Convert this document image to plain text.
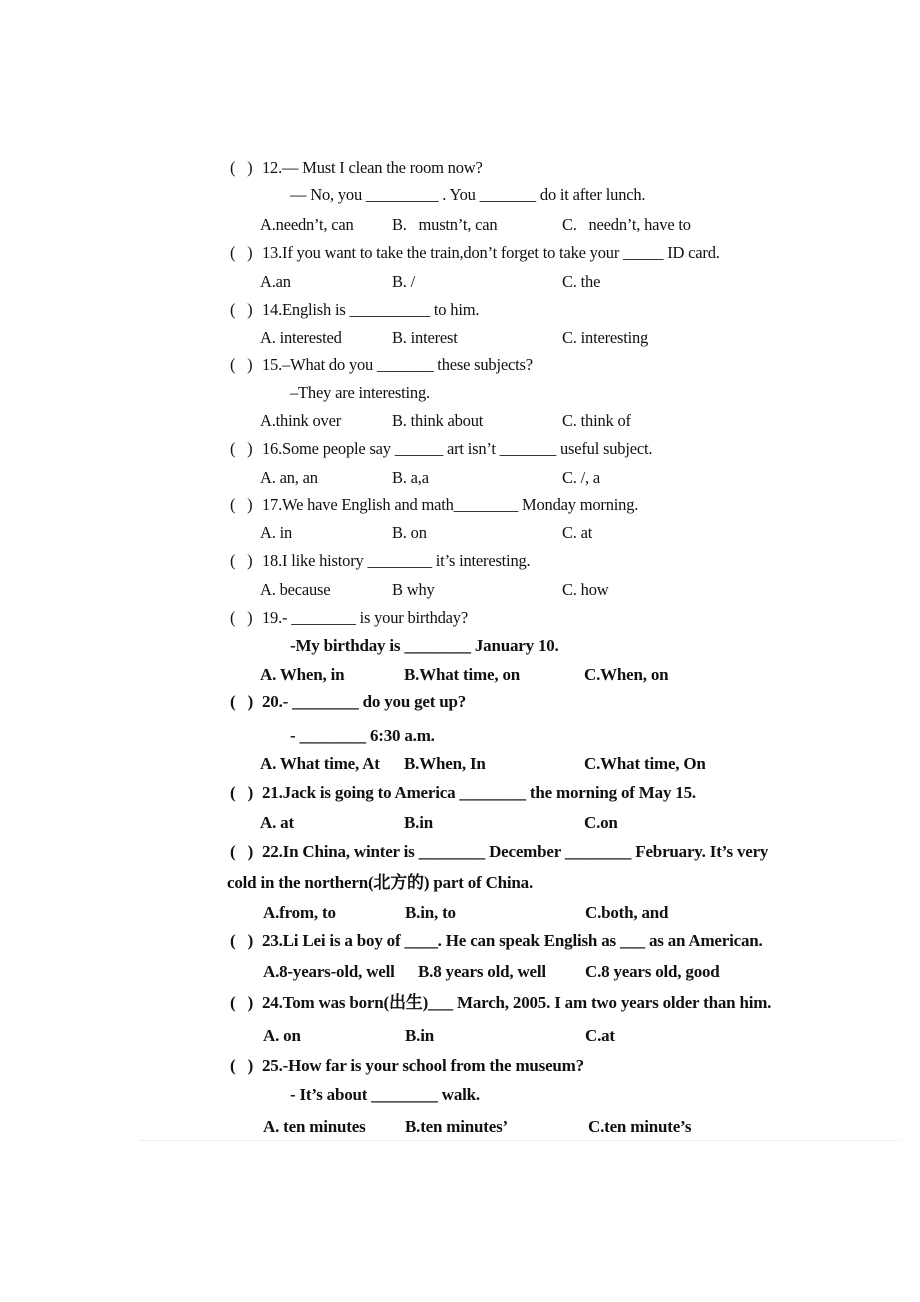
(   ) 12.— Must I clean the room now?
— No, you _________ . You _______ do it after lunch.
A.needn’t, can B.   mustn’t, can	C.   needn’t, have to
(   ) 13.If you want to take the train,don’t forget to take your _____ ID card.
A.an	B. /	C. the
(   ) 14.English is __________ to him.
A. interested	B. interest	C. interesting
(   ) 15.–What do you _______ these subjects?
–They are interesting.
A.think over	B. think about	C. think of
(   ) 16.Some people say ______ art isn’t _______ useful subject.
A. an, an	B. a,a	C. /, a
(   ) 17.We have English and math________ Monday morning.
A. in	B. on	C. at
(   ) 18.I like history ________ it’s interesting.
A. because	B why	C. how
(   ) 19.- ________ is your birthday?
-My birthday is ________ January 10.
A. When, in	B.What time, on	C.When, on
(   ) 20.- ________ do you get up?
- ________ 6:30 a.m.
A. What time, At B.When, In	C.What time, On
(   ) 21.Jack is going to America ________ the morning of May 15.
A. at	B.in	C.on
(   ) 22.In China, winter is ________ December ________ February. It’s very
cold in the northern(北方的) part of China.
A.from, to	B.in, to	C.both, and
(   ) 23.Li Lei is a boy of ____. He can speak English as ___ as an American.
A.8-years-old, well B.8 years old, well C.8 years old, good
(   ) 24.Tom was born(出生)___ March, 2005. I am two years older than him.
A. on	B.in	C.at
(   ) 25.-How far is your school from the museum?
- It’s about ________ walk.
A. ten minutes B.ten minutes’	C.ten minute’s
